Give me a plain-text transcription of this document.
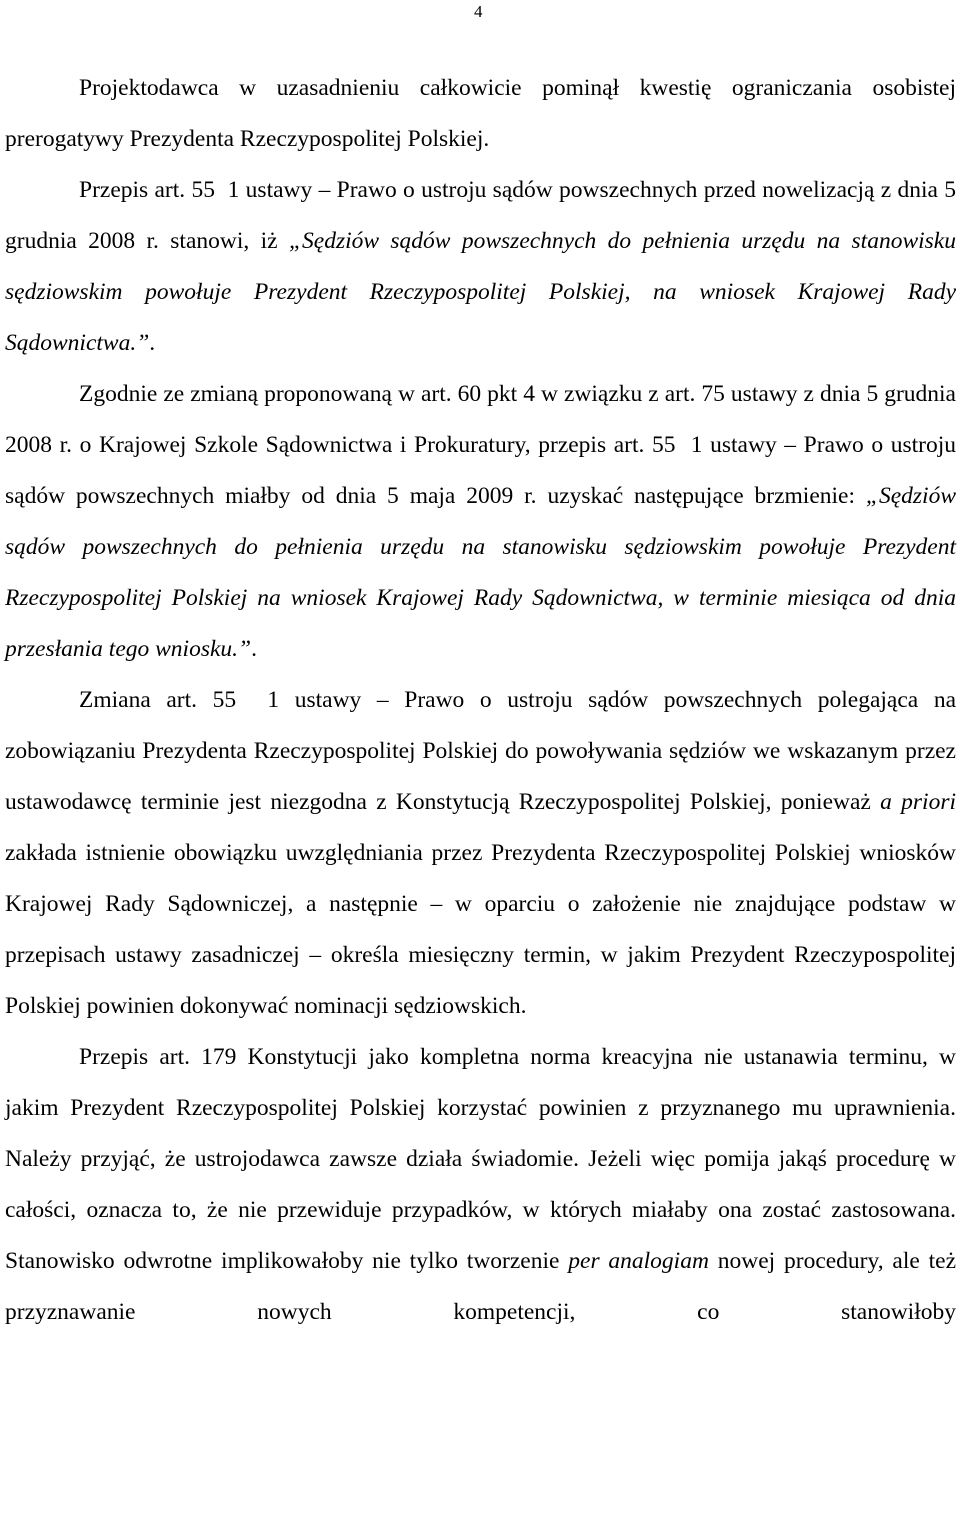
4

Projektodawca w uzasadnieniu całkowicie pominął kwestię ograniczania osobistej prerogatywy Prezydenta Rzeczypospolitej Polskiej.

Przepis art. 55  1 ustawy – Prawo o ustroju sądów powszechnych przed nowelizacją z dnia 5 grudnia 2008 r. stanowi, iż „Sędziów sądów powszechnych do pełnienia urzędu na stanowisku sędziowskim powołuje Prezydent Rzeczypospolitej Polskiej, na wniosek Krajowej Rady Sądownictwa.”.

Zgodnie ze zmianą proponowaną w art. 60 pkt 4 w związku z art. 75 ustawy z dnia 5 grudnia 2008 r. o Krajowej Szkole Sądownictwa i Prokuratury, przepis art. 55  1 ustawy – Prawo o ustroju sądów powszechnych miałby od dnia 5 maja 2009 r. uzyskać następujące brzmienie: „Sędziów sądów powszechnych do pełnienia urzędu na stanowisku sędziowskim powołuje Prezydent Rzeczypospolitej Polskiej na wniosek Krajowej Rady Sądownictwa, w terminie miesiąca od dnia przesłania tego wniosku.”.

Zmiana art. 55  1 ustawy – Prawo o ustroju sądów powszechnych polegająca na zobowiązaniu Prezydenta Rzeczypospolitej Polskiej do powoływania sędziów we wskazanym przez ustawodawcę terminie jest niezgodna z Konstytucją Rzeczypospolitej Polskiej, ponieważ a priori zakłada istnienie obowiązku uwzględniania przez Prezydenta Rzeczypospolitej Polskiej wniosków Krajowej Rady Sądowniczej, a następnie – w oparciu o założenie nie znajdujące podstaw w przepisach ustawy zasadniczej – określa miesięczny termin, w jakim Prezydent Rzeczypospolitej Polskiej powinien dokonywać nominacji sędziowskich.

Przepis art. 179 Konstytucji jako kompletna norma kreacyjna nie ustanawia terminu, w jakim Prezydent Rzeczypospolitej Polskiej korzystać powinien z przyznanego mu uprawnienia. Należy przyjąć, że ustrojodawca zawsze działa świadomie. Jeżeli więc pomija jakąś procedurę w całości, oznacza to, że nie przewiduje przypadków, w których miałaby ona zostać zastosowana. Stanowisko odwrotne implikowałoby nie tylko tworzenie per analogiam nowej procedury, ale też przyznawanie nowych kompetencji, co stanowiłoby
